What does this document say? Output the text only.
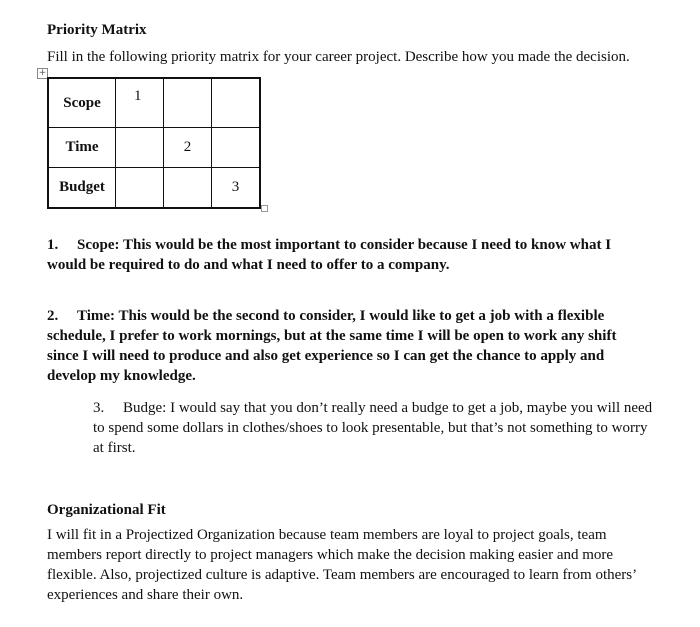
Priority Matrix
Fill in the following priority matrix for your career project. Describe how you made the decision.
+
Scope	1		
Time		2	
Budget			3
1. Scope: This would be the most important to consider because I need to know what I would be required to do and what I need to offer to a company.
2. Time: This would be the second to consider, I would like to get a job with a flexible schedule, I prefer to work mornings, but at the same time I will be open to work any shift since I will need to produce and also get experience so I can get the chance to apply and develop my knowledge.
3. Budge: I would say that you don’t really need a budge to get a job, maybe you will need to spend some dollars in clothes/shoes to look presentable, but that’s not something to worry at first.
Organizational Fit
I will fit in a Projectized Organization because team members are loyal to project goals, team members report directly to project managers which make the decision making easier and more flexible. Also, projectized culture is adaptive. Team members are encouraged to learn from others’ experiences and share their own.
